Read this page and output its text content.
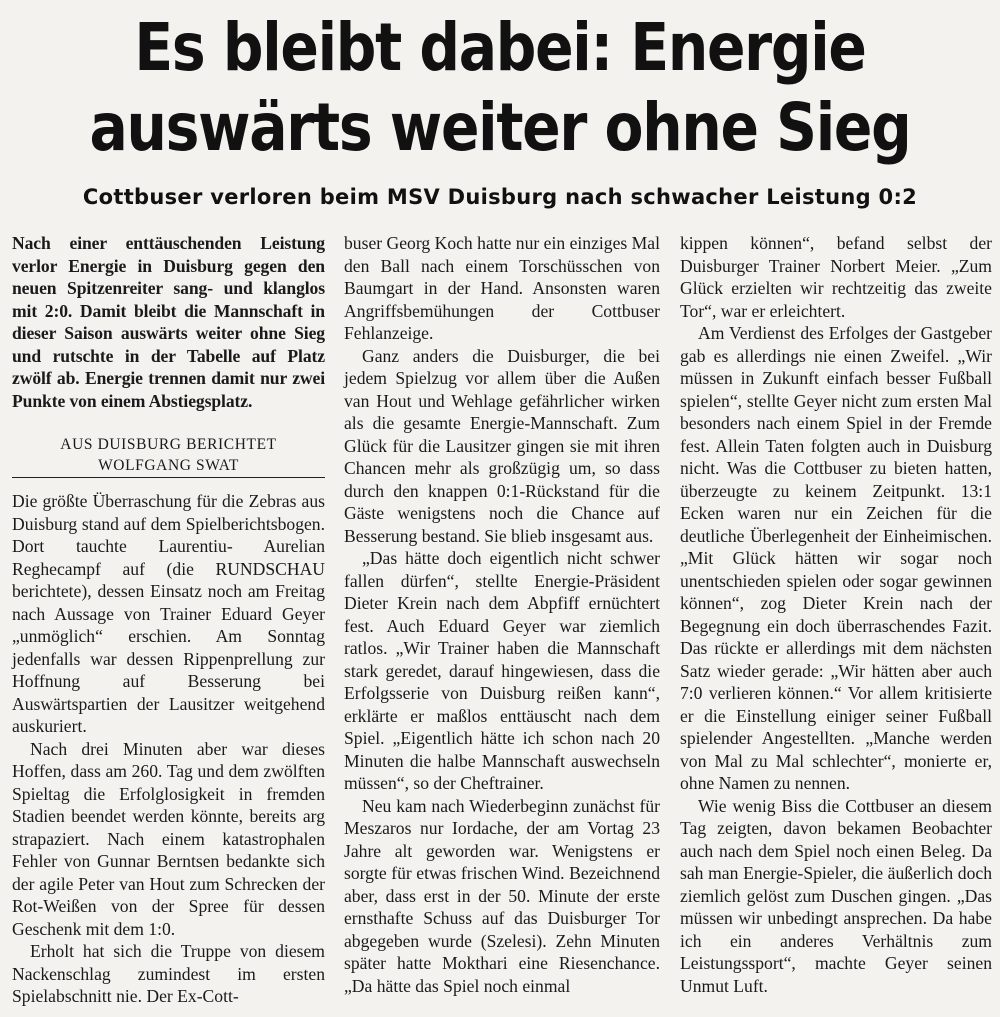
Es bleibt dabei: Energie
auswärts weiter ohne Sieg
Cottbuser verloren beim MSV Duisburg nach schwacher Leistung 0:2

Nach einer enttäuschenden Leistung verlor Energie in Duisburg gegen den neuen Spitzenreiter sang- und klanglos mit 2:0. Damit bleibt die Mannschaft in dieser Saison auswärts weiter ohne Sieg und rutschte in der Tabelle auf Platz zwölf ab. Energie trennen damit nur zwei Punkte von einem Abstiegsplatz.

AUS DUISBURG BERICHTET
WOLFGANG SWAT

Die größte Überraschung für die Zebras aus Duisburg stand auf dem Spielberichtsbogen. Dort tauchte Laurentiu- Aurelian Reghecampf auf (die RUNDSCHAU berichtete), dessen Einsatz noch am Freitag nach Aussage von Trainer Eduard Geyer „unmöglich“ erschien. Am Sonntag jedenfalls war dessen Rippenprellung zur Hoffnung auf Besserung bei Auswärtspartien der Lausitzer weitgehend auskuriert.

Nach drei Minuten aber war dieses Hoffen, dass am 260. Tag und dem zwölften Spieltag die Erfolglosigkeit in fremden Stadien beendet werden könnte, bereits arg strapaziert. Nach einem katastrophalen Fehler von Gunnar Berntsen bedankte sich der agile Peter van Hout zum Schrecken der Rot-Weißen von der Spree für dessen Geschenk mit dem 1:0.

Erholt hat sich die Truppe von diesem Nackenschlag zumindest im ersten Spielabschnitt nie. Der Ex-Cott-

buser Georg Koch hatte nur ein einziges Mal den Ball nach einem Torschüsschen von Baumgart in der Hand. Ansonsten waren Angriffsbemühungen der Cottbuser Fehlanzeige.

Ganz anders die Duisburger, die bei jedem Spielzug vor allem über die Außen van Hout und Wehlage gefährlicher wirken als die gesamte Energie-Mannschaft. Zum Glück für die Lausitzer gingen sie mit ihren Chancen mehr als großzügig um, so dass durch den knappen 0:1-Rückstand für die Gäste wenigstens noch die Chance auf Besserung bestand. Sie blieb insgesamt aus.

„Das hätte doch eigentlich nicht schwer fallen dürfen“, stellte Energie-Präsident Dieter Krein nach dem Abpfiff ernüchtert fest. Auch Eduard Geyer war ziemlich ratlos. „Wir Trainer haben die Mannschaft stark geredet, darauf hingewiesen, dass die Erfolgsserie von Duisburg reißen kann“, erklärte er maßlos enttäuscht nach dem Spiel. „Eigentlich hätte ich schon nach 20 Minuten die halbe Mannschaft auswechseln müssen“, so der Cheftrainer.

Neu kam nach Wiederbeginn zunächst für Meszaros nur Iordache, der am Vortag 23 Jahre alt geworden war. Wenigstens er sorgte für etwas frischen Wind. Bezeichnend aber, dass erst in der 50. Minute der erste ernsthafte Schuss auf das Duisburger Tor abgegeben wurde (Szelesi). Zehn Minuten später hatte Mokthari eine Riesenchance. „Da hätte das Spiel noch einmal

kippen können“, befand selbst der Duisburger Trainer Norbert Meier. „Zum Glück erzielten wir rechtzeitig das zweite Tor“, war er erleichtert.

Am Verdienst des Erfolges der Gastgeber gab es allerdings nie einen Zweifel. „Wir müssen in Zukunft einfach besser Fußball spielen“, stellte Geyer nicht zum ersten Mal besonders nach einem Spiel in der Fremde fest. Allein Taten folgten auch in Duisburg nicht. Was die Cottbuser zu bieten hatten, überzeugte zu keinem Zeitpunkt. 13:1 Ecken waren nur ein Zeichen für die deutliche Überlegenheit der Einheimischen. „Mit Glück hätten wir sogar noch unentschieden spielen oder sogar gewinnen können“, zog Dieter Krein nach der Begegnung ein doch überraschendes Fazit. Das rückte er allerdings mit dem nächsten Satz wieder gerade: „Wir hätten aber auch 7:0 verlieren können.“ Vor allem kritisierte er die Einstellung einiger seiner Fußball spielender Angestellten. „Manche werden von Mal zu Mal schlechter“, monierte er, ohne Namen zu nennen.

Wie wenig Biss die Cottbuser an diesem Tag zeigten, davon bekamen Beobachter auch nach dem Spiel noch einen Beleg. Da sah man Energie-Spieler, die äußerlich doch ziemlich gelöst zum Duschen gingen. „Das müssen wir unbedingt ansprechen. Da habe ich ein anderes Verhältnis zum Leistungssport“, machte Geyer seinen Unmut Luft.
